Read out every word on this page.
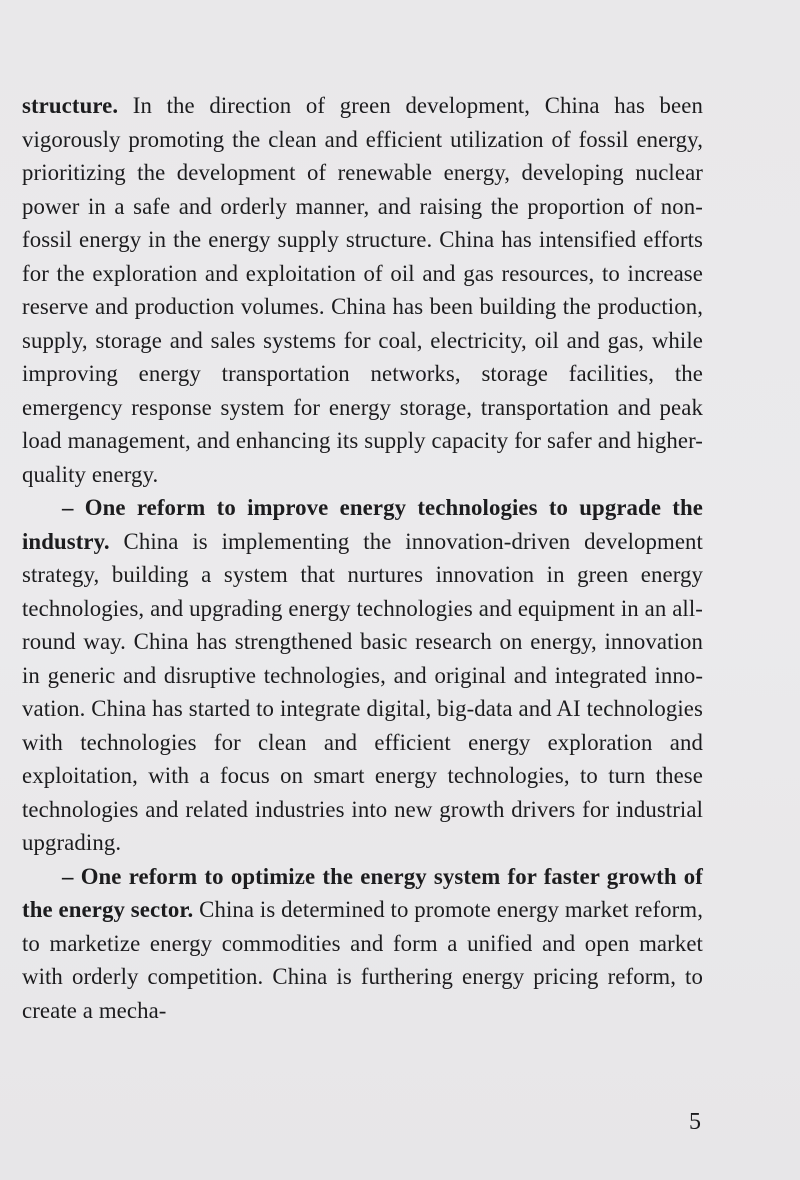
structure. In the direction of green development, China has been vigorously promoting the clean and efficient utilization of fossil energy, prioritizing the development of renewable energy, developing nuclear power in a safe and orderly manner, and raising the proportion of non-fossil energy in the energy supply structure. China has intensified efforts for the exploration and exploitation of oil and gas resources, to increase reserve and production volumes. China has been building the production, supply, storage and sales systems for coal, electricity, oil and gas, while improving energy transportation networks, storage facilities, the emergency response system for energy storage, transportation and peak load management, and enhancing its supply capacity for safer and higher-quality energy.

– One reform to improve energy technologies to upgrade the industry. China is implementing the innovation-driven development strategy, building a system that nurtures innovation in green energy technologies, and upgrading energy technologies and equipment in an all-round way. China has strengthened basic research on energy, innovation in generic and disruptive technologies, and original and integrated innovation. China has started to integrate digital, big-data and AI technologies with technologies for clean and efficient energy exploration and exploitation, with a focus on smart energy technologies, to turn these technologies and related industries into new growth drivers for industrial upgrading.

– One reform to optimize the energy system for faster growth of the energy sector. China is determined to promote energy market reform, to marketize energy commodities and form a unified and open market with orderly competition. China is furthering energy pricing reform, to create a mecha-

5
